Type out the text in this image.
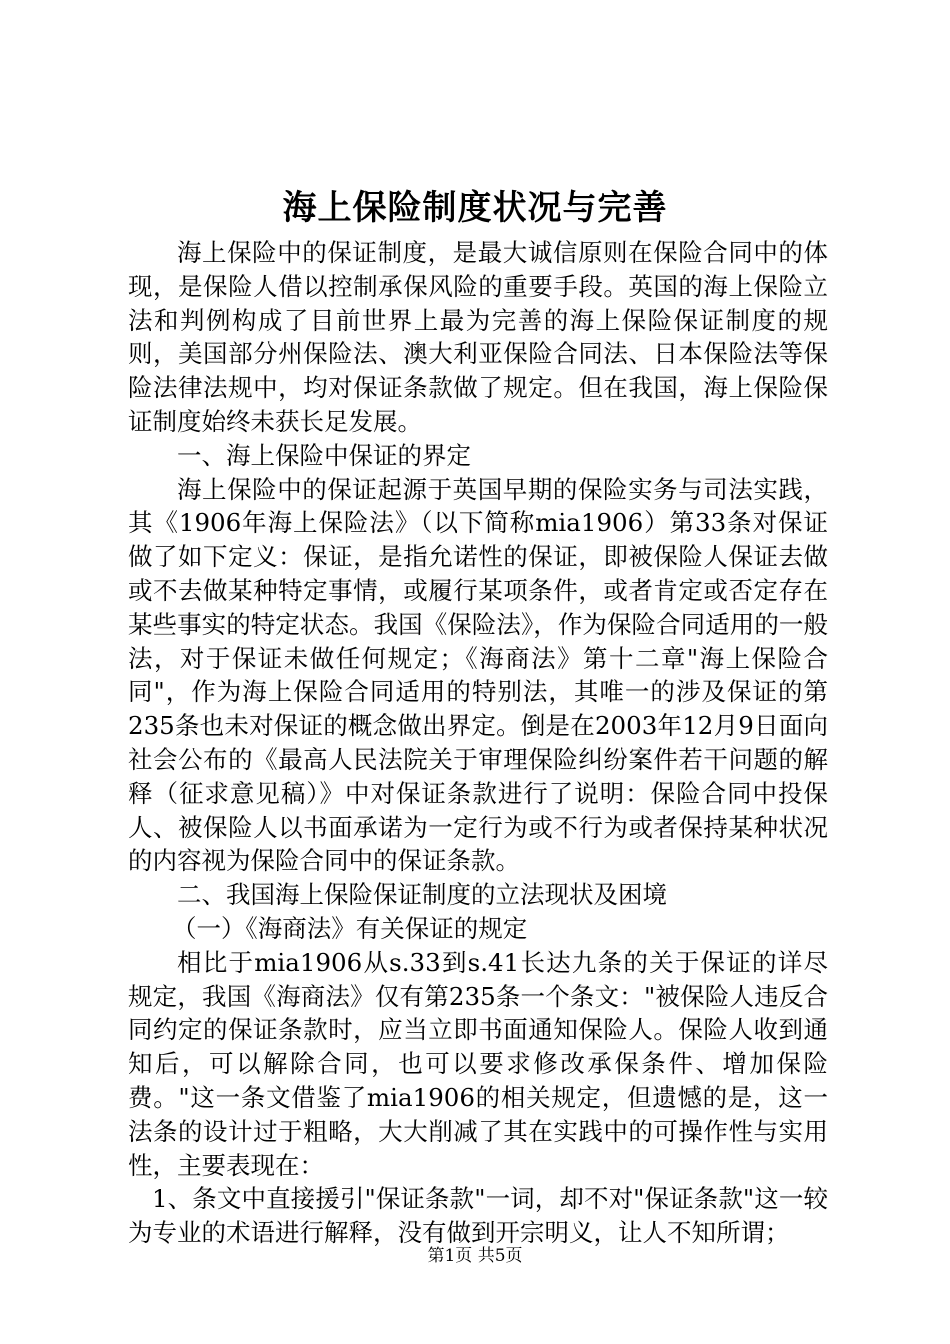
海上保险制度状况与完善

海上保险中的保证制度，是最大诚信原则在保险合同中的体现，是保险人借以控制承保风险的重要手段。英国的海上保险立法和判例构成了目前世界上最为完善的海上保险保证制度的规则，美国部分州保险法、澳大利亚保险合同法、日本保险法等保险法律法规中，均对保证条款做了规定。但在我国，海上保险保证制度始终未获长足发展。

一、海上保险中保证的界定

海上保险中的保证起源于英国早期的保险实务与司法实践，其《1906年海上保险法》（以下简称mia1906）第33条对保证做了如下定义：保证，是指允诺性的保证，即被保险人保证去做或不去做某种特定事情，或履行某项条件，或者肯定或否定存在某些事实的特定状态。我国《保险法》，作为保险合同适用的一般法，对于保证未做任何规定；《海商法》第十二章"海上保险合同"，作为海上保险合同适用的特别法，其唯一的涉及保证的第235条也未对保证的概念做出界定。倒是在2003年12月9日面向社会公布的《最高人民法院关于审理保险纠纷案件若干问题的解释（征求意见稿）》中对保证条款进行了说明：保险合同中投保人、被保险人以书面承诺为一定行为或不行为或者保持某种状况的内容视为保险合同中的保证条款。

二、我国海上保险保证制度的立法现状及困境

（一）《海商法》有关保证的规定

相比于mia1906从s.33到s.41长达九条的关于保证的详尽规定，我国《海商法》仅有第235条一个条文："被保险人违反合同约定的保证条款时，应当立即书面通知保险人。保险人收到通知后，可以解除合同，也可以要求修改承保条件、增加保险费。"这一条文借鉴了mia1906的相关规定，但遗憾的是，这一法条的设计过于粗略，大大削减了其在实践中的可操作性与实用性，主要表现在：

1、条文中直接援引"保证条款"一词，却不对"保证条款"这一较为专业的术语进行解释，没有做到开宗明义，让人不知所谓；

第1页 共5页
